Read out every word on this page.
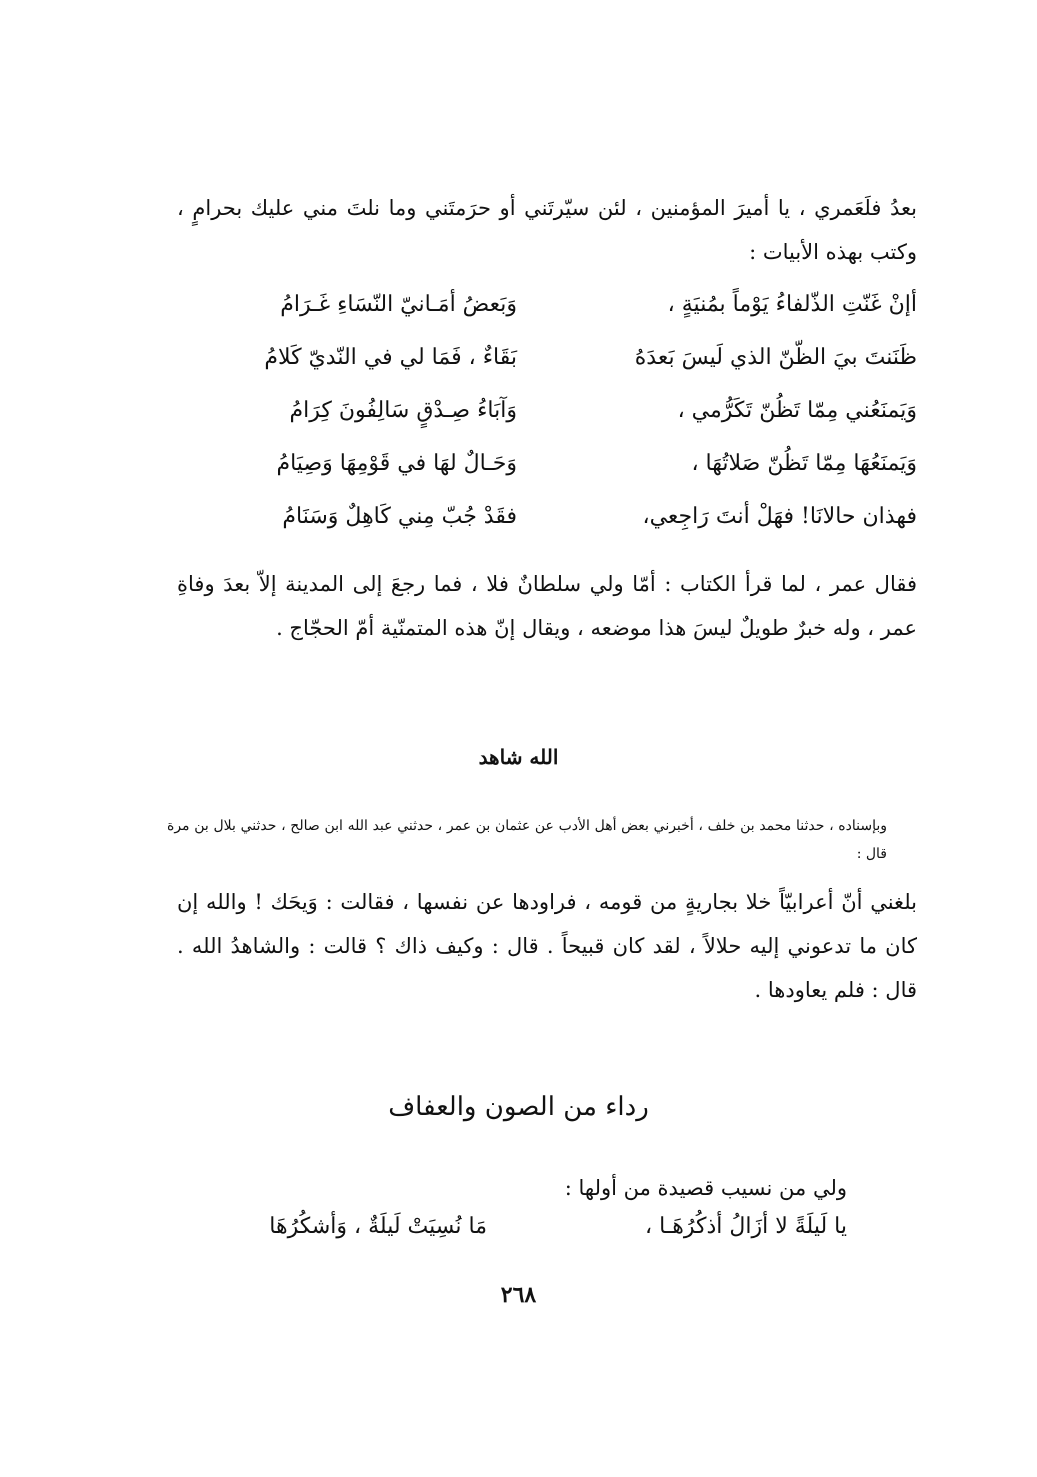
بعدُ فلَعَمري ، يا أميرَ المؤمنين ، لئن سيّرتَني أو حرَمتَني وما نلتَ مني عليك بحرامٍ ، وكتب بهذه الأبيات :

أإنْ غَنّتِ الذّلفاءُ يَوْماً بمُنيَةٍ ،
وَبَعضُ أمَـانيّ النّسَاءِ غَـرَامُ
ظَنَنتَ بيَ الظّنّ الذي لَيسَ بَعدَهُ
بَقَاءٌ ، فَمَا لي في النّديّ كَلامُ
وَيَمنَعُني مِمّا تَظُنّ تَكَرُّمي ،
وَآبَاءُ صِـدْقٍ سَالِفُونَ كِرَامُ
وَيَمنَعُهَا مِمّا تَظُنّ صَلاتُهَا ،
وَحَـالٌ لهَا في قَوْمِهَا وَصِيَامُ
فهذان حالانَا! فهَلْ أنتَ رَاجِعي،
فقَدْ جُبّ مِني كَاهِلٌ وَسَنَامُ

فقال عمر ، لما قرأ الكتاب : أمّا ولي سلطانٌ فلا ، فما رجعَ إلى المدينة إلاّ بعدَ وفاةِ عمر ، وله خبرٌ طويلٌ ليسَ هذا موضعه ، ويقال إنّ هذه المتمنّية أمّ الحجّاج .

الله شاهد

وبإسناده ، حدثنا محمد بن خلف ، أخبرني بعض أهل الأدب عن عثمان بن عمر ، حدثني عبد الله ابن صالح ، حدثني بلال بن مرة قال :

بلغني أنّ أعرابيّاً خلا بجاريةٍ من قومه ، فراودها عن نفسها ، فقالت : وَيحَك ! والله إن كان ما تدعوني إليه حلالاً ، لقد كان قبيحاً . قال : وكيف ذاك ؟ قالت : والشاهدُ الله . قال : فلم يعاودها .

رداء من الصون والعفاف

ولي من نسيب قصيدة من أولها :

يا لَيلَةً لا أزَالُ أذكُرُهَـا ،
مَا نُسِيَتْ لَيلَةٌ ، وَأشكُرُهَا
٢٦٨
